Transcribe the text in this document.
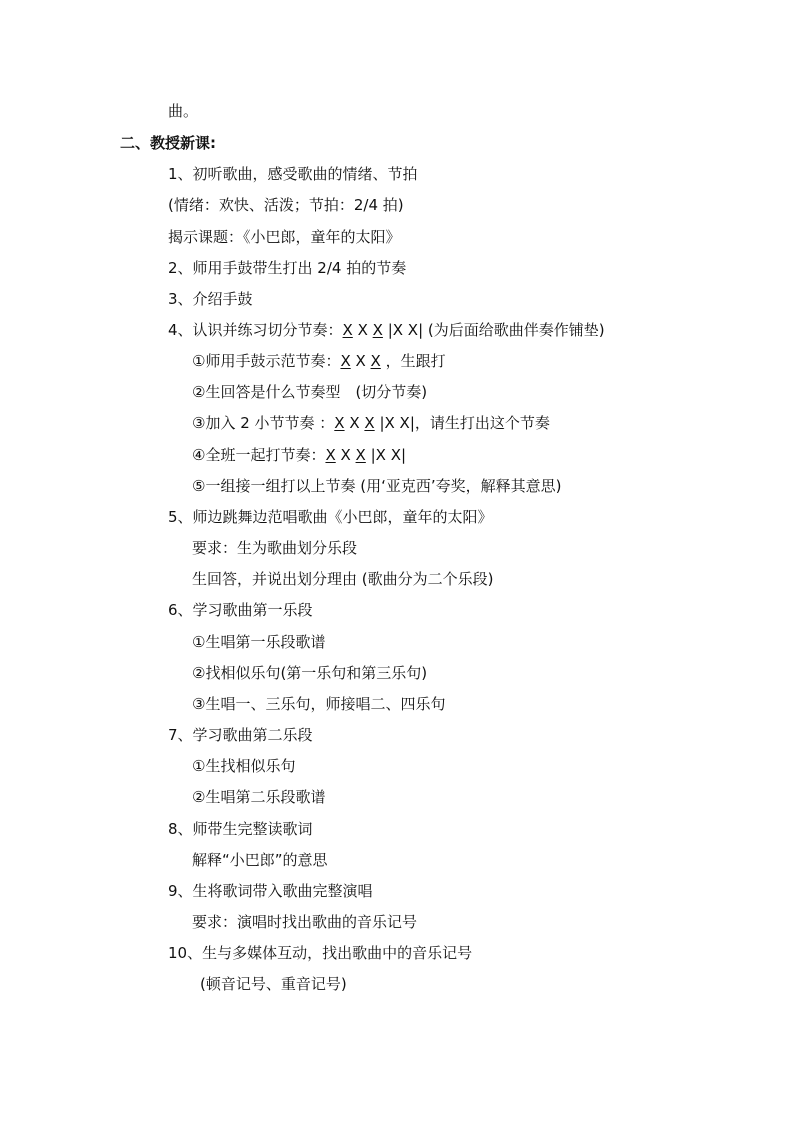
曲。
二、教授新课:
1、初听歌曲，感受歌曲的情绪、节拍
(情绪：欢快、活泼；节拍：2/4 拍)
揭示课题：《小巴郎，童年的太阳》
2、师用手鼓带生打出 2/4 拍的节奏
3、介绍手鼓
4、认识并练习切分节奏：X X X |X X| (为后面给歌曲伴奏作铺垫)
①师用手鼓示范节奏：X X X ，生跟打
②生回答是什么节奏型　(切分节奏)
③加入 2 小节节奏 ：X X X |X X|，请生打出这个节奏
④全班一起打节奏：X X X |X X|
⑤一组接一组打以上节奏 (用‘亚克西’夸奖，解释其意思)
5、师边跳舞边范唱歌曲《小巴郎，童年的太阳》
要求：生为歌曲划分乐段
生回答，并说出划分理由 (歌曲分为二个乐段)
6、学习歌曲第一乐段
①生唱第一乐段歌谱
②找相似乐句(第一乐句和第三乐句)
③生唱一、三乐句，师接唱二、四乐句
7、学习歌曲第二乐段
①生找相似乐句
②生唱第二乐段歌谱
8、师带生完整读歌词
解释“小巴郎”的意思
9、生将歌词带入歌曲完整演唱
要求：演唱时找出歌曲的音乐记号
10、生与多媒体互动，找出歌曲中的音乐记号
(顿音记号、重音记号)
